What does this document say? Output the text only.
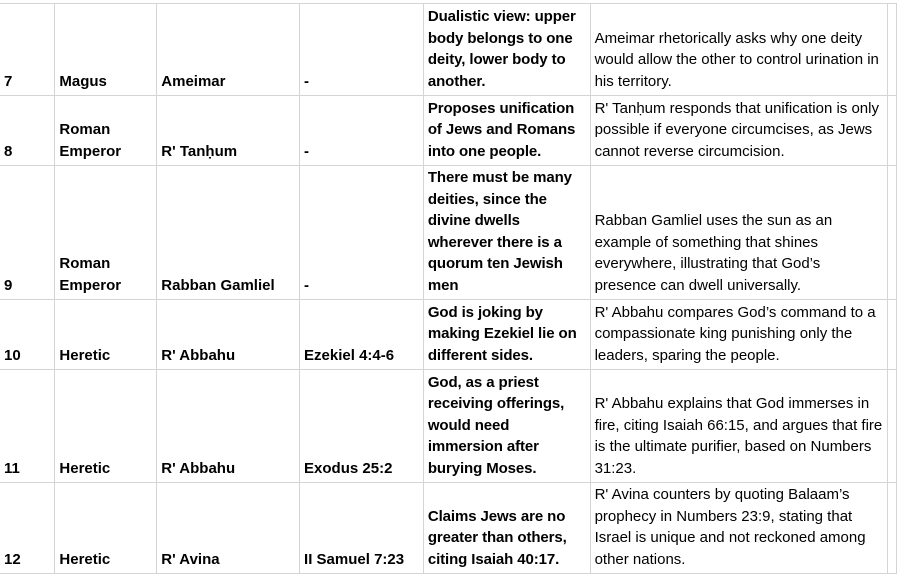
7	Magus	Ameimar	-	Dualistic view: upper body belongs to one deity, lower body to another.	Ameimar rhetorically asks why one deity would allow the other to control urination in his territory.	
8	Roman Emperor	R' Tanḥum	-	Proposes unification of Jews and Romans into one people.	R' Tanḥum responds that unification is only possible if everyone circumcises, as Jews cannot reverse circumcision.	
9	Roman Emperor	Rabban Gamliel	-	There must be many deities, since the divine dwells wherever there is a quorum ten Jewish men	Rabban Gamliel uses the sun as an example of something that shines everywhere, illustrating that God’s presence can dwell universally.	
10	Heretic	R' Abbahu	Ezekiel 4:4-6	God is joking by making Ezekiel lie on different sides.	R' Abbahu compares God’s command to a compassionate king punishing only the leaders, sparing the people.	
11	Heretic	R' Abbahu	Exodus 25:2	God, as a priest receiving offerings, would need immersion after burying Moses.	R' Abbahu explains that God immerses in fire, citing Isaiah 66:15, and argues that fire is the ultimate purifier, based on Numbers 31:23.	
12	Heretic	R' Avina	II Samuel 7:23	Claims Jews are no greater than others, citing Isaiah 40:17.	R' Avina counters by quoting Balaam’s prophecy in Numbers 23:9, stating that Israel is unique and not reckoned among other nations.	
